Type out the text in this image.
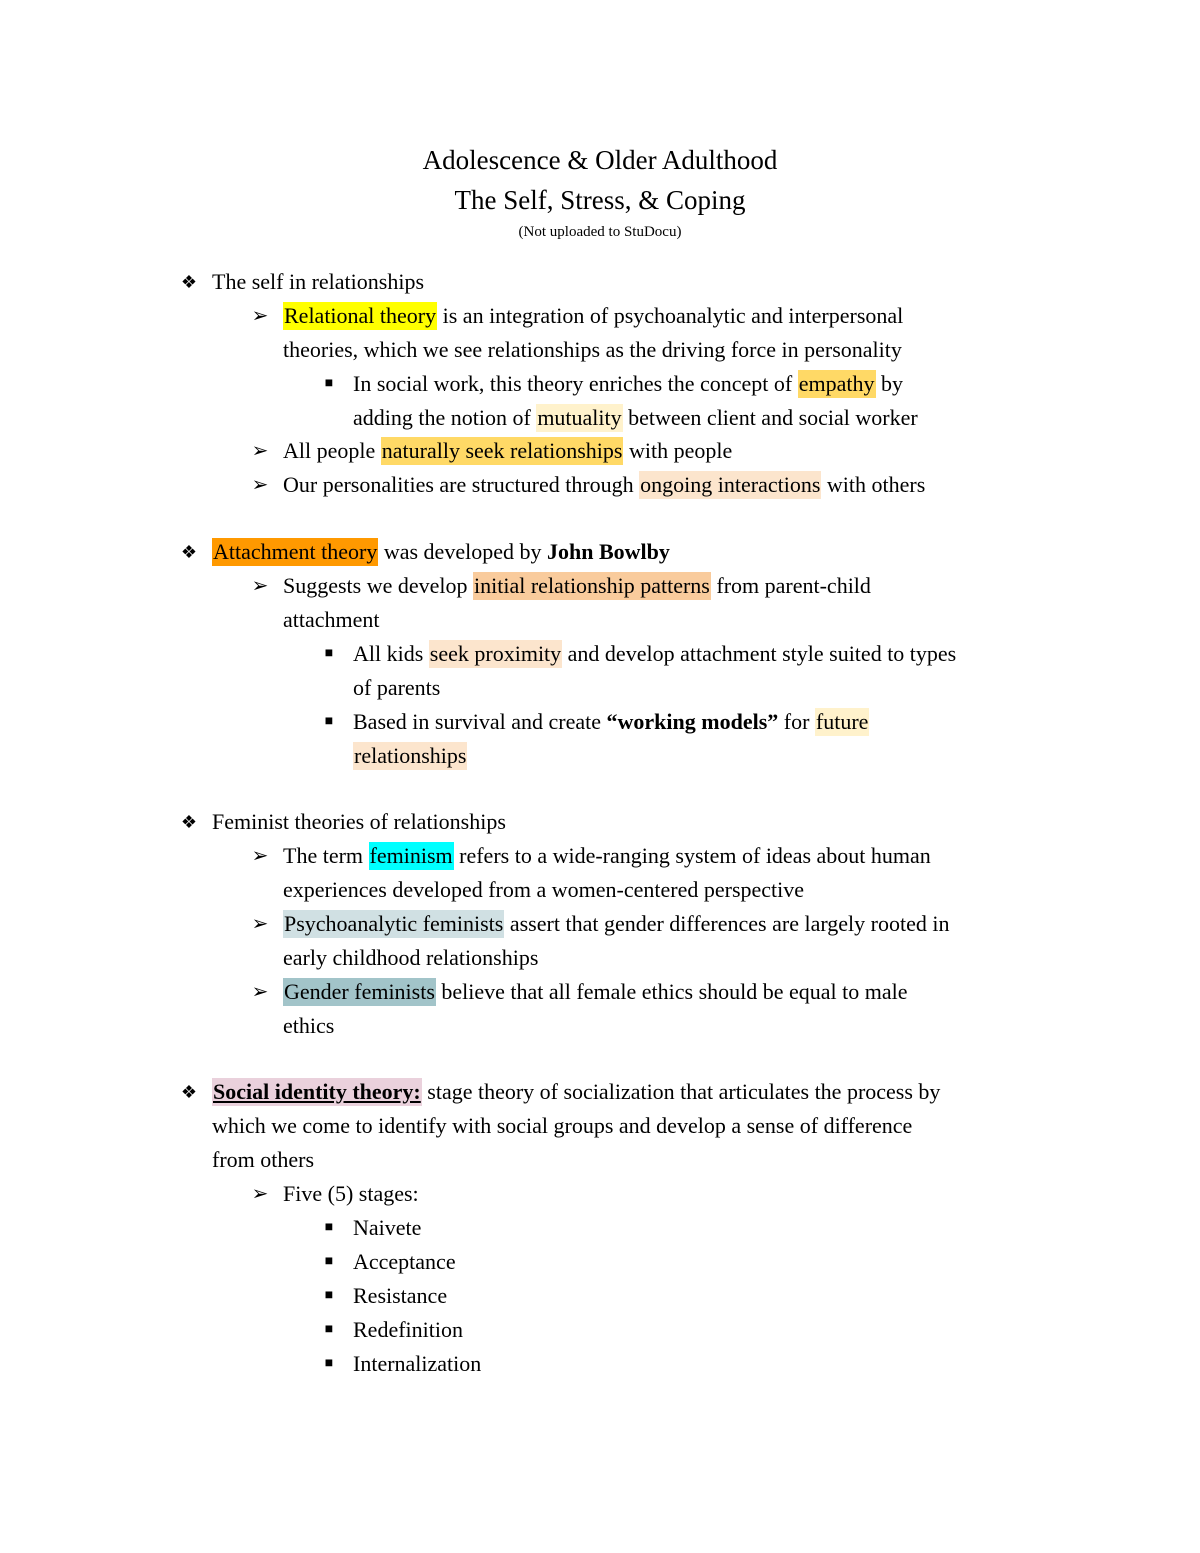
Adolescence & Older Adulthood
The Self, Stress, & Coping
(Not uploaded to StuDocu)
❖ The self in relationships
➢ Relational theory is an integration of psychoanalytic and interpersonal
theories, which we see relationships as the driving force in personality
■ In social work, this theory enriches the concept of empathy by
adding the notion of mutuality between client and social worker
➢ All people naturally seek relationships with people
➢ Our personalities are structured through ongoing interactions with others
❖ Attachment theory was developed by John Bowlby
➢ Suggests we develop initial relationship patterns from parent-child
attachment
■ All kids seek proximity and develop attachment style suited to types
of parents
■ Based in survival and create “working models” for future
relationships
❖ Feminist theories of relationships
➢ The term feminism refers to a wide-ranging system of ideas about human
experiences developed from a women-centered perspective
➢ Psychoanalytic feminists assert that gender differences are largely rooted in
early childhood relationships
➢ Gender feminists believe that all female ethics should be equal to male
ethics
❖ Social identity theory: stage theory of socialization that articulates the process by
which we come to identify with social groups and develop a sense of difference
from others
➢ Five (5) stages:
■ Naivete
■ Acceptance
■ Resistance
■ Redefinition
■ Internalization
